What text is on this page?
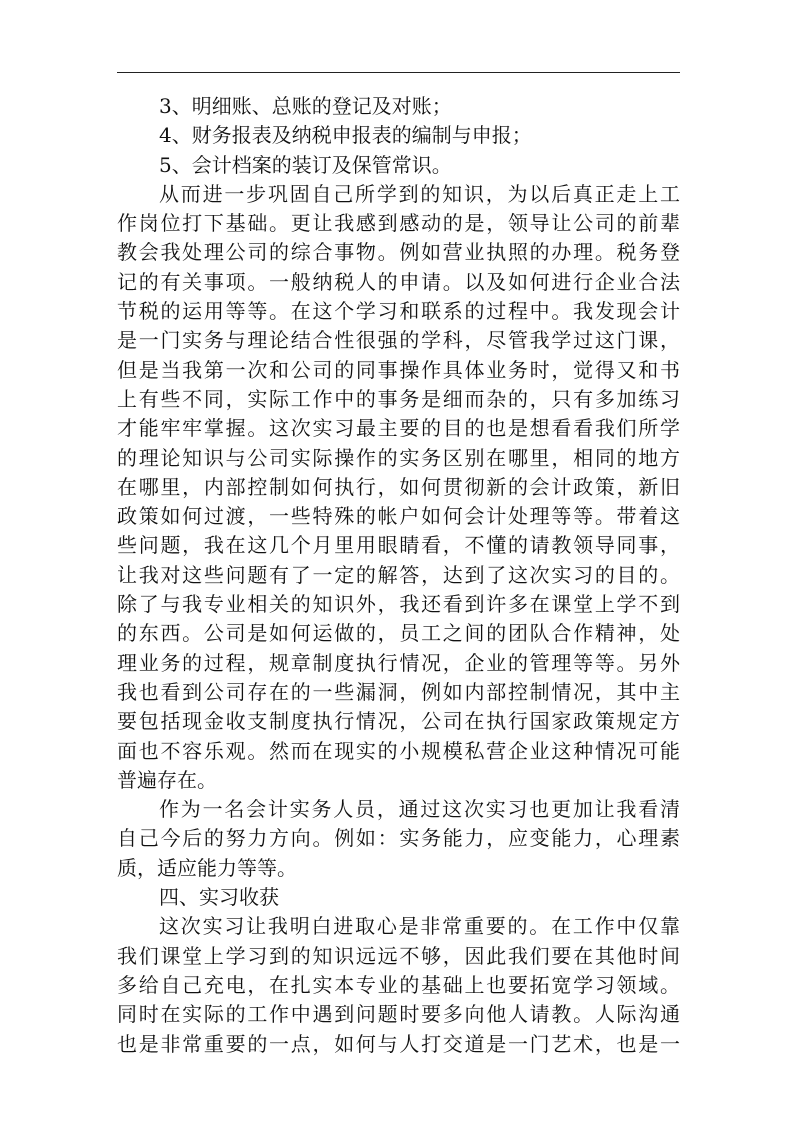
3、明细账、总账的登记及对账；
4、财务报表及纳税申报表的编制与申报；
5、会计档案的装订及保管常识。
从而进一步巩固自己所学到的知识，为以后真正走上工
作岗位打下基础。更让我感到感动的是，领导让公司的前辈
教会我处理公司的综合事物。例如营业执照的办理。税务登
记的有关事项。一般纳税人的申请。以及如何进行企业合法
节税的运用等等。在这个学习和联系的过程中。我发现会计
是一门实务与理论结合性很强的学科，尽管我学过这门课，
但是当我第一次和公司的同事操作具体业务时，觉得又和书
上有些不同，实际工作中的事务是细而杂的，只有多加练习
才能牢牢掌握。这次实习最主要的目的也是想看看我们所学
的理论知识与公司实际操作的实务区别在哪里，相同的地方
在哪里，内部控制如何执行，如何贯彻新的会计政策，新旧
政策如何过渡，一些特殊的帐户如何会计处理等等。带着这
些问题，我在这几个月里用眼睛看，不懂的请教领导同事，
让我对这些问题有了一定的解答，达到了这次实习的目的。
除了与我专业相关的知识外，我还看到许多在课堂上学不到
的东西。公司是如何运做的，员工之间的团队合作精神，处
理业务的过程，规章制度执行情况，企业的管理等等。另外
我也看到公司存在的一些漏洞，例如内部控制情况，其中主
要包括现金收支制度执行情况，公司在执行国家政策规定方
面也不容乐观。然而在现实的小规模私营企业这种情况可能
普遍存在。
作为一名会计实务人员，通过这次实习也更加让我看清
自己今后的努力方向。例如：实务能力，应变能力，心理素
质，适应能力等等。
四、实习收获
这次实习让我明白进取心是非常重要的。在工作中仅靠
我们课堂上学习到的知识远远不够，因此我们要在其他时间
多给自己充电，在扎实本专业的基础上也要拓宽学习领域。
同时在实际的工作中遇到问题时要多向他人请教。人际沟通
也是非常重要的一点，如何与人打交道是一门艺术，也是一
